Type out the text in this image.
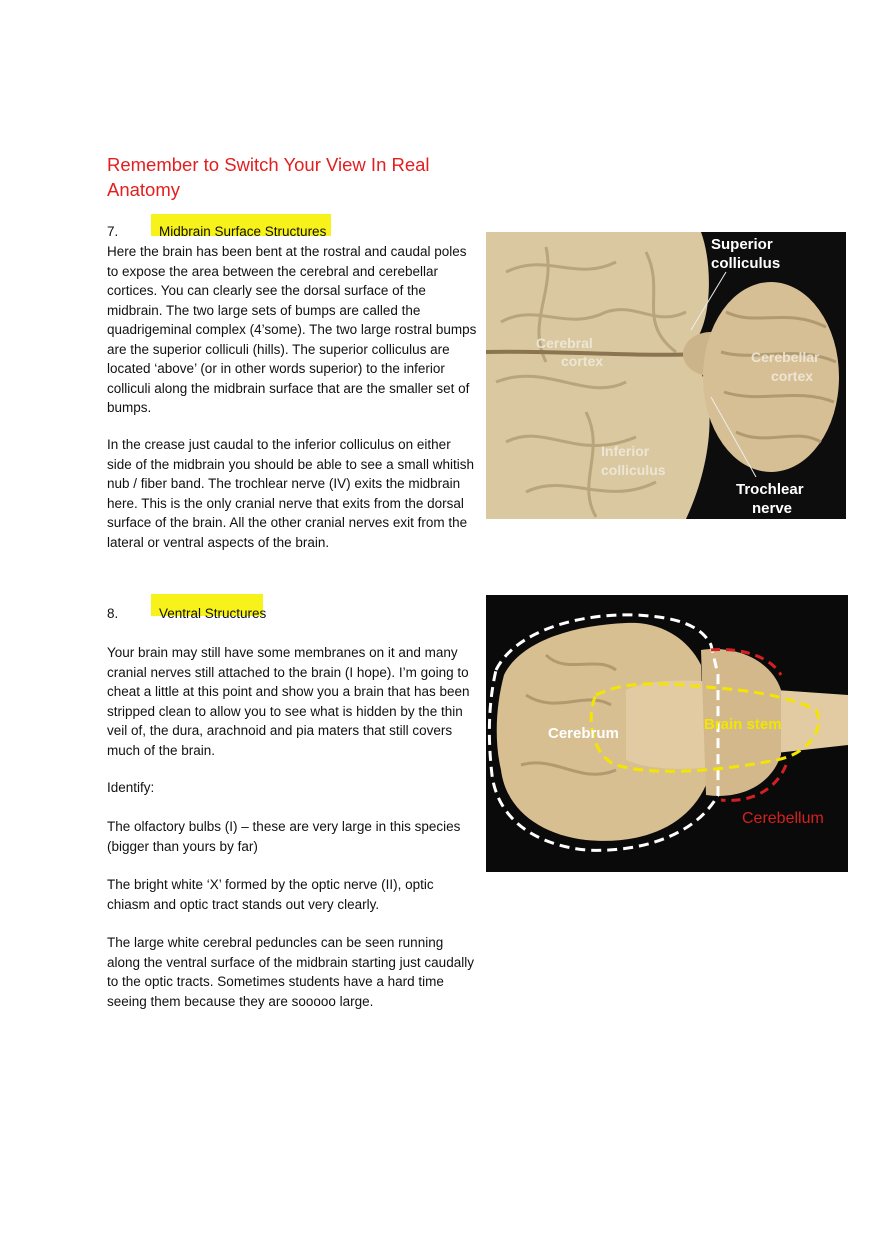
Remember to Switch Your View In Real Anatomy
7.	Midbrain Surface Structures

Here the brain has been bent at the rostral and caudal poles to expose the area between the cerebral and cerebellar cortices. You can clearly see the dorsal surface of the midbrain. The two large sets of bumps are called the quadrigeminal complex (4’some). The two large rostral bumps are the superior colliculi (hills). The superior colliculus are located ‘above’ (or in other words superior) to the inferior colliculi along the midbrain surface that are the smaller set of bumps.

In the crease just caudal to the inferior colliculus on either side of the midbrain you should be able to see a small whitish nub / fiber band. The trochlear nerve (IV) exits the midbrain here. This is the only cranial nerve that exits from the dorsal surface of the brain. All the other cranial nerves exit from the lateral or ventral aspects of the brain.

Superior
colliculus
Cerebral
cortex	Cerebellar
cortex
Inferior
colliculus
Trochlear
nerve
8.	Ventral Structures

Your brain may still have some membranes on it and many cranial nerves still attached to the brain (I hope). I’m going to cheat a little at this point and show you a brain that has been stripped clean to allow you to see what is hidden by the thin veil of, the dura, arachnoid and pia maters that still covers much of the brain.

Identify:

The olfactory bulbs (I) – these are very large in this species (bigger than yours by far)

The bright white ‘X’ formed by the optic nerve (II), optic chiasm and optic tract stands out very clearly.

The large white cerebral peduncles can be seen running along the ventral surface of the midbrain starting just caudally to the optic tracts. Sometimes students have a hard time seeing them because they are sooooo large.

Cerebrum
Brain stem
Cerebellum
